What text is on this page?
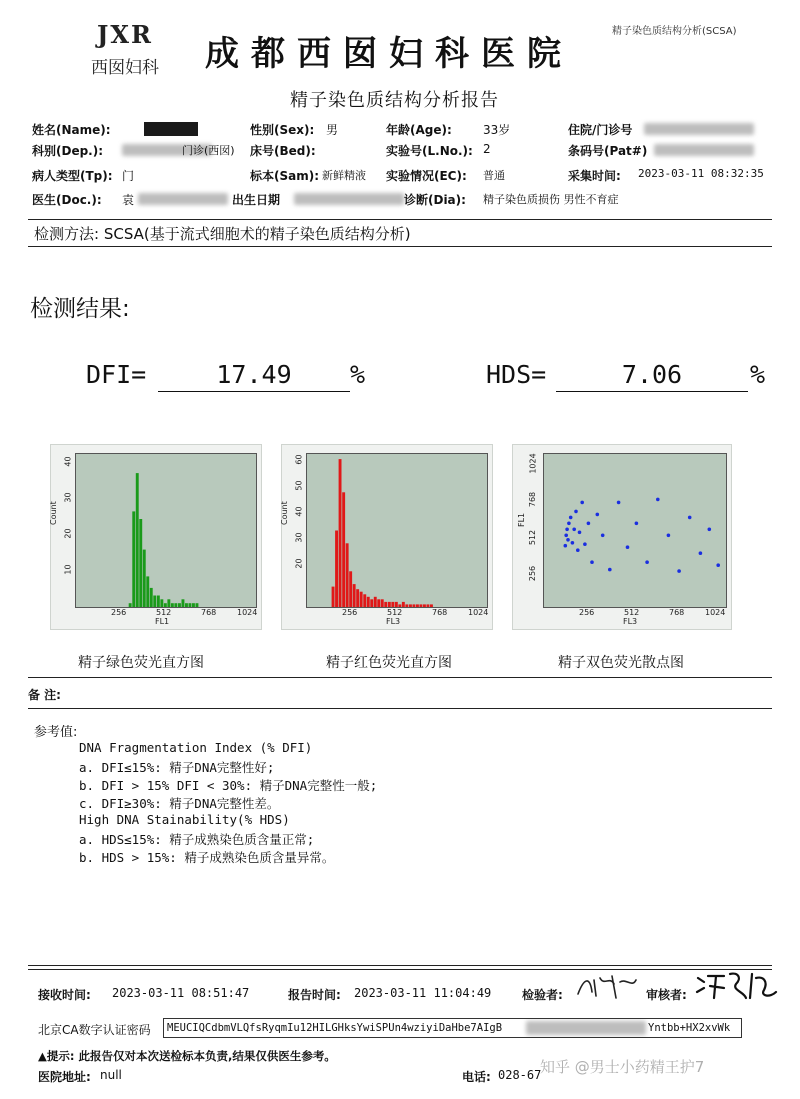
JXR
西囡妇科	成都西囡妇科医院
精子染色质结构分析(SCSA)
精子染色质结构分析报告
姓名(Name):	性别(Sex): 男	年龄(Age):	33岁	住院/门诊号
科别(Dep.):	门诊(西囡) 床号(Bed):	实验号(L.No.): 2	条码号(Pat#)
病人类型(Tp): 门	标本(Sam): 新鲜精液 实验情况(EC): 普通	采集时间: 2023-03-11 08:32:35
医生(Doc.): 袁	出生日期	诊断(Dia): 精子染色质损伤 男性不育症
检测方法: SCSA(基于流式细胞术的精子染色质结构分析)
检测结果:
DFI=	17.49	%	HDS=	7.06	%
Count
40
30
20
10
256	512	768	1024
FL1
Count
60
50
40
30
20
256	512	768	1024
FL3
FL1
1024
768
512
256
256	512	768	1024
FL3
精子绿色荧光直方图	精子红色荧光直方图	精子双色荧光散点图
备 注:
参考值:
DNA Fragmentation Index (% DFI)
a. DFI≤15%: 精子DNA完整性好;
b. DFI > 15% DFI < 30%: 精子DNA完整性一般;
c. DFI≥30%: 精子DNA完整性差。
High DNA Stainability(% HDS)
a. HDS≤15%: 精子成熟染色质含量正常;
b. HDS > 15%: 精子成熟染色质含量异常。
接收时间: 2023-03-11 08:51:47	报告时间: 2023-03-11 11:04:49	检验者:	审核者:
北京CA数字认证密码	MEUCIQCdbmVLQfsRyqmIu12HILGHksYwiSPUn4wziyiDaHbe7AIgB	Yntbb+HX2xvWk
▲提示: 此报告仅对本次送检标本负责,结果仅供医生参考。
医院地址: null	电话: 028-67
知乎 @男士小药精王护7
